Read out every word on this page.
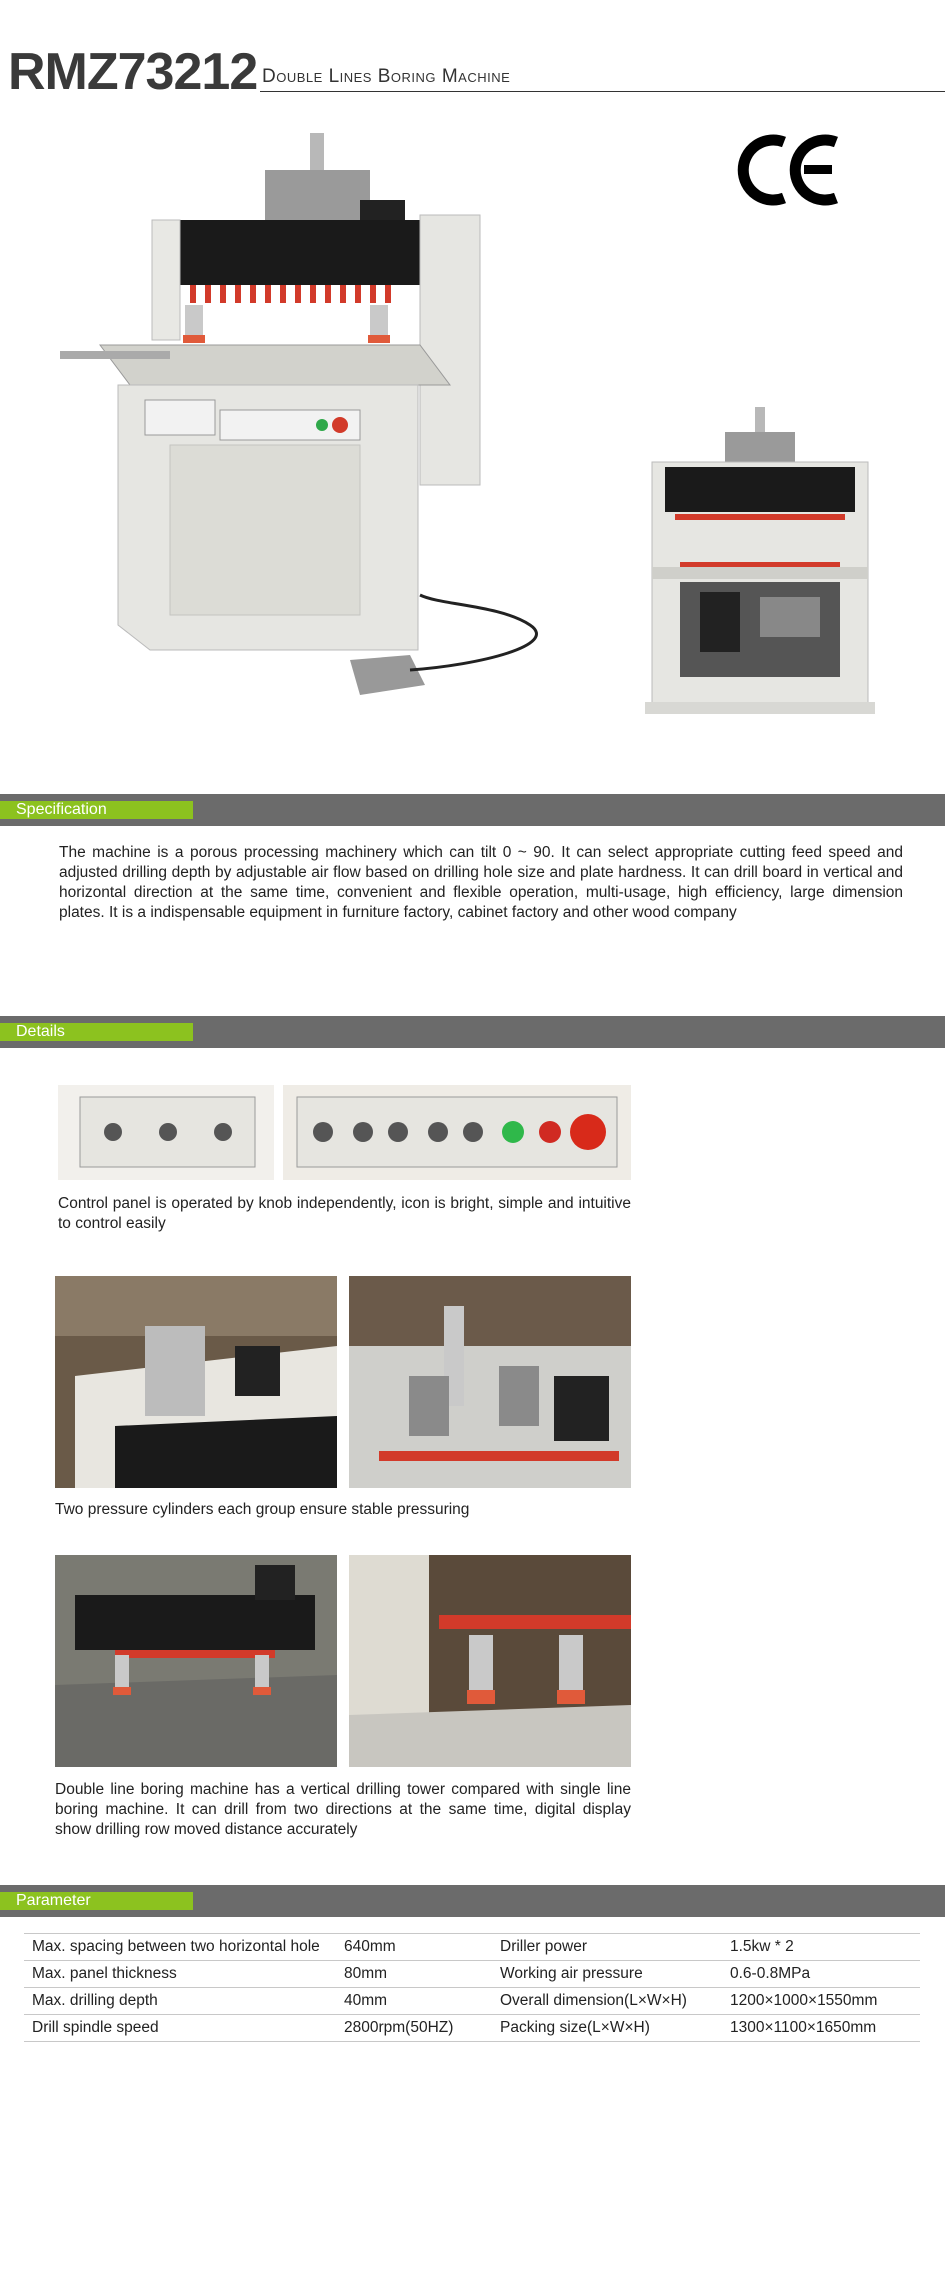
RMZ73212 Double Lines Boring Machine
Specification
The machine is a porous processing machinery which can tilt 0 ~ 90. It can select appropriate cutting feed speed and adjusted drilling depth by adjustable air flow based on drilling hole size and plate hardness. It can drill board in vertical and horizontal direction at the same time, convenient and flexible operation, multi-usage, high efficiency, large dimension plates. It is a indispensable equipment in furniture factory, cabinet factory and other wood company
Details
Control panel is operated by knob independently, icon is bright, simple and intuitive to control easily
Two pressure cylinders each group ensure stable pressuring
Double line boring machine has a vertical drilling tower compared with single line boring machine. It can drill from two directions at the same time, digital display show drilling row moved distance accurately
Parameter
Max. spacing between two horizontal hole	640mm	Driller power	1.5kw * 2
Max. panel thickness	80mm	Working air pressure	0.6-0.8MPa
Max. drilling depth	40mm	Overall dimension(L×W×H)	1200×1000×1550mm
Drill spindle speed	2800rpm(50HZ)	Packing size(L×W×H)	1300×1100×1650mm
